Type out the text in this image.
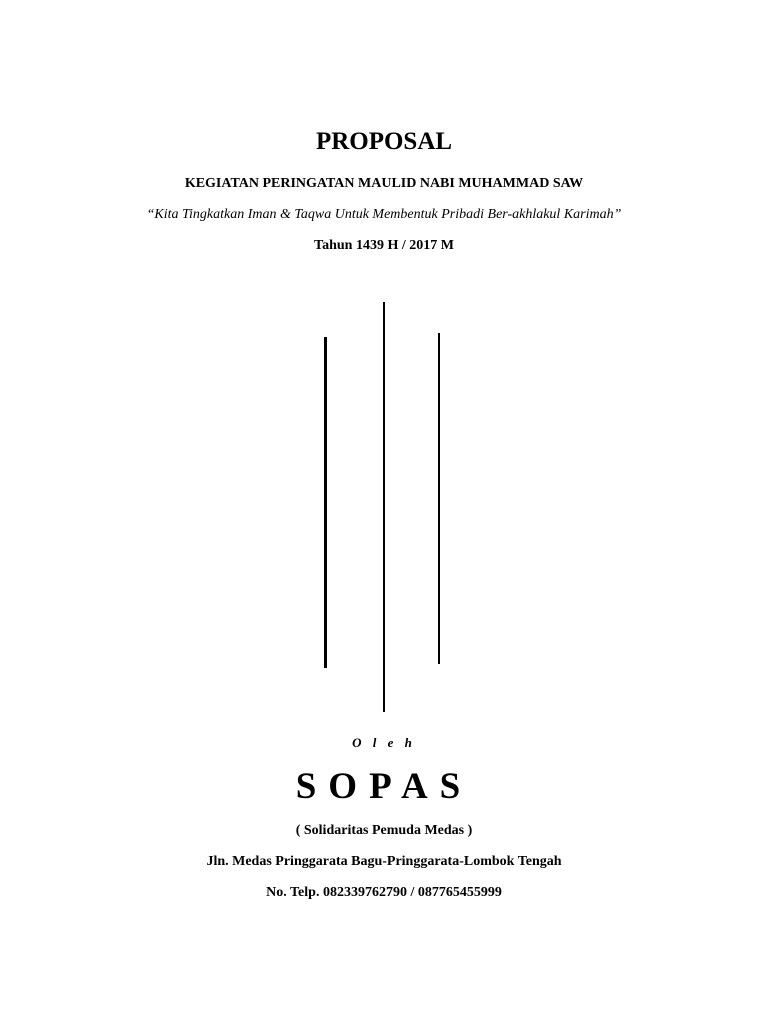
PROPOSAL
KEGIATAN PERINGATAN MAULID NABI MUHAMMAD SAW
“Kita Tingkatkan Iman & Taqwa Untuk Membentuk Pribadi Ber-akhlakul Karimah”
Tahun 1439 H / 2017 M
O l e h
SOPAS
( Solidaritas Pemuda Medas )
Jln. Medas Pringgarata Bagu-Pringgarata-Lombok Tengah
No. Telp. 082339762790 / 087765455999
